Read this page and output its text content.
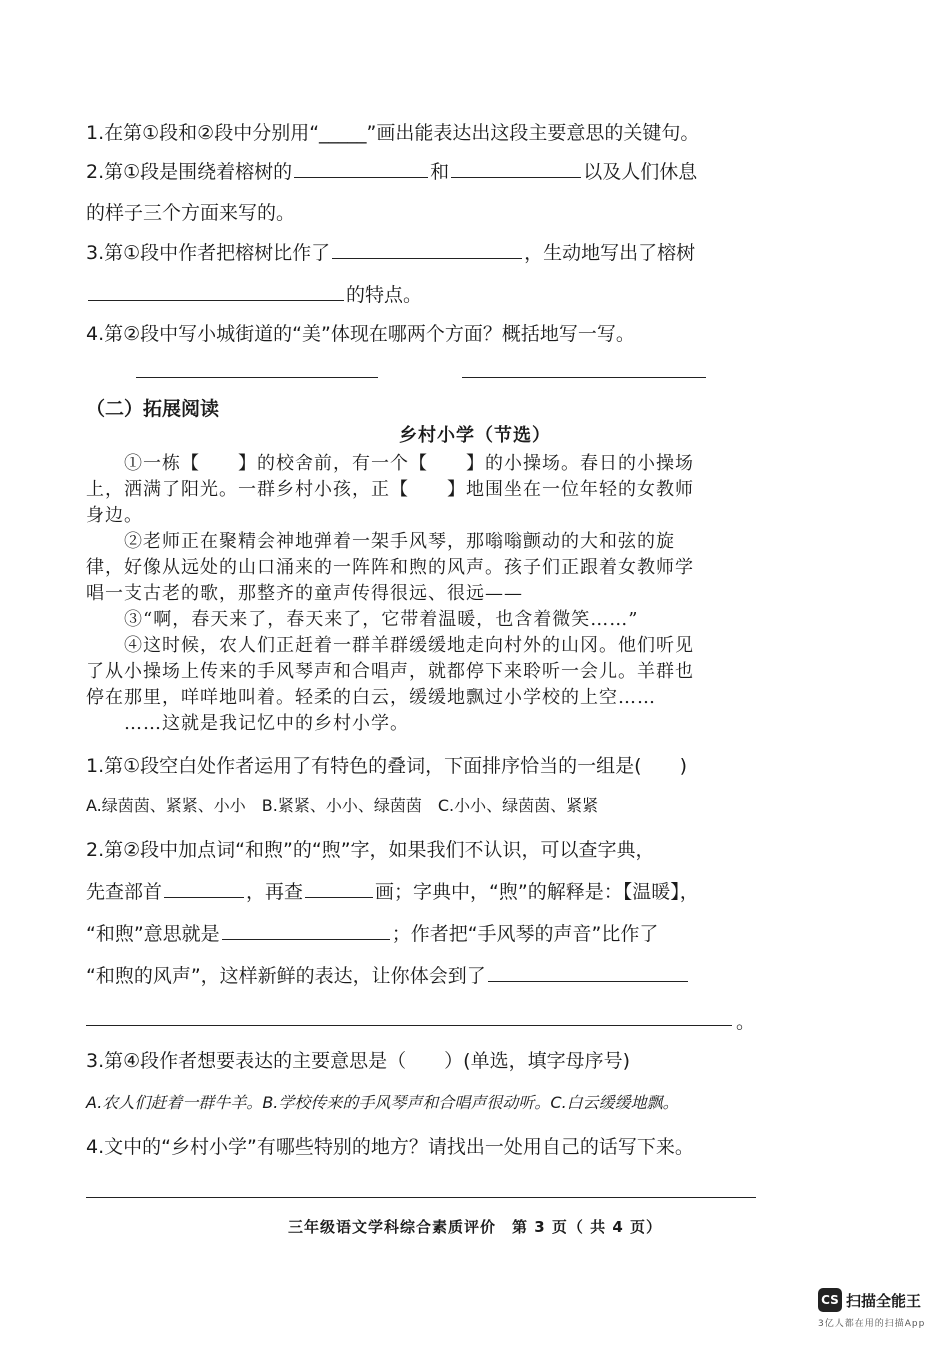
1.在第①段和②段中分别用“_____”画出能表达出这段主要意思的关键句。
2.第①段是围绕着榕树的	和	以及人们休息
的样子三个方面来写的。
3.第①段中作者把榕树比作了	，生动地写出了榕树
的特点。
4.第②段中写小城街道的“美”体现在哪两个方面？概括地写一写。
（二）拓展阅读
乡村小学（节选）
①一栋【　　】的校舍前，有一个【　　】的小操场。春日的小操场
上，洒满了阳光。一群乡村小孩，正【　　】地围坐在一位年轻的女教师
身边。
②老师正在聚精会神地弹着一架手风琴，那嗡嗡颤动的大和弦的旋
律，好像从远处的山口涌来的一阵阵和煦的风声。孩子们正跟着女教师学
唱一支古老的歌，那整齐的童声传得很远、很远——
③“啊，春天来了，春天来了，它带着温暖，也含着微笑……”
④这时候，农人们正赶着一群羊群缓缓地走向村外的山冈。他们听见
了从小操场上传来的手风琴声和合唱声，就都停下来聆听一会儿。羊群也
停在那里，咩咩地叫着。轻柔的白云，缓缓地飘过小学校的上空……
……这就是我记忆中的乡村小学。
1.第①段空白处作者运用了有特色的叠词，下面排序恰当的一组是(　　)
A.绿茵茵、紧紧、小小　B.紧紧、小小、绿茵茵　C.小小、绿茵茵、紧紧
2.第②段中加点词“和煦”的“煦”字，如果我们不认识，可以查字典，
先查部首	，再查	画；字典中，“煦”的解释是：【温暖】，
“和煦”意思就是	；作者把“手风琴的声音”比作了
“和煦的风声”，这样新鲜的表达，让你体会到了
。
3.第④段作者想要表达的主要意思是（　　）(单选，填字母序号)
A.农人们赶着一群牛羊。B.学校传来的手风琴声和合唱声很动听。C.白云缓缓地飘。
4.文中的“乡村小学”有哪些特别的地方？请找出一处用自己的话写下来。
三年级语文学科综合素质评价　第 3 页（ 共 4 页）
CS 扫描全能王
3亿人都在用的扫描App
